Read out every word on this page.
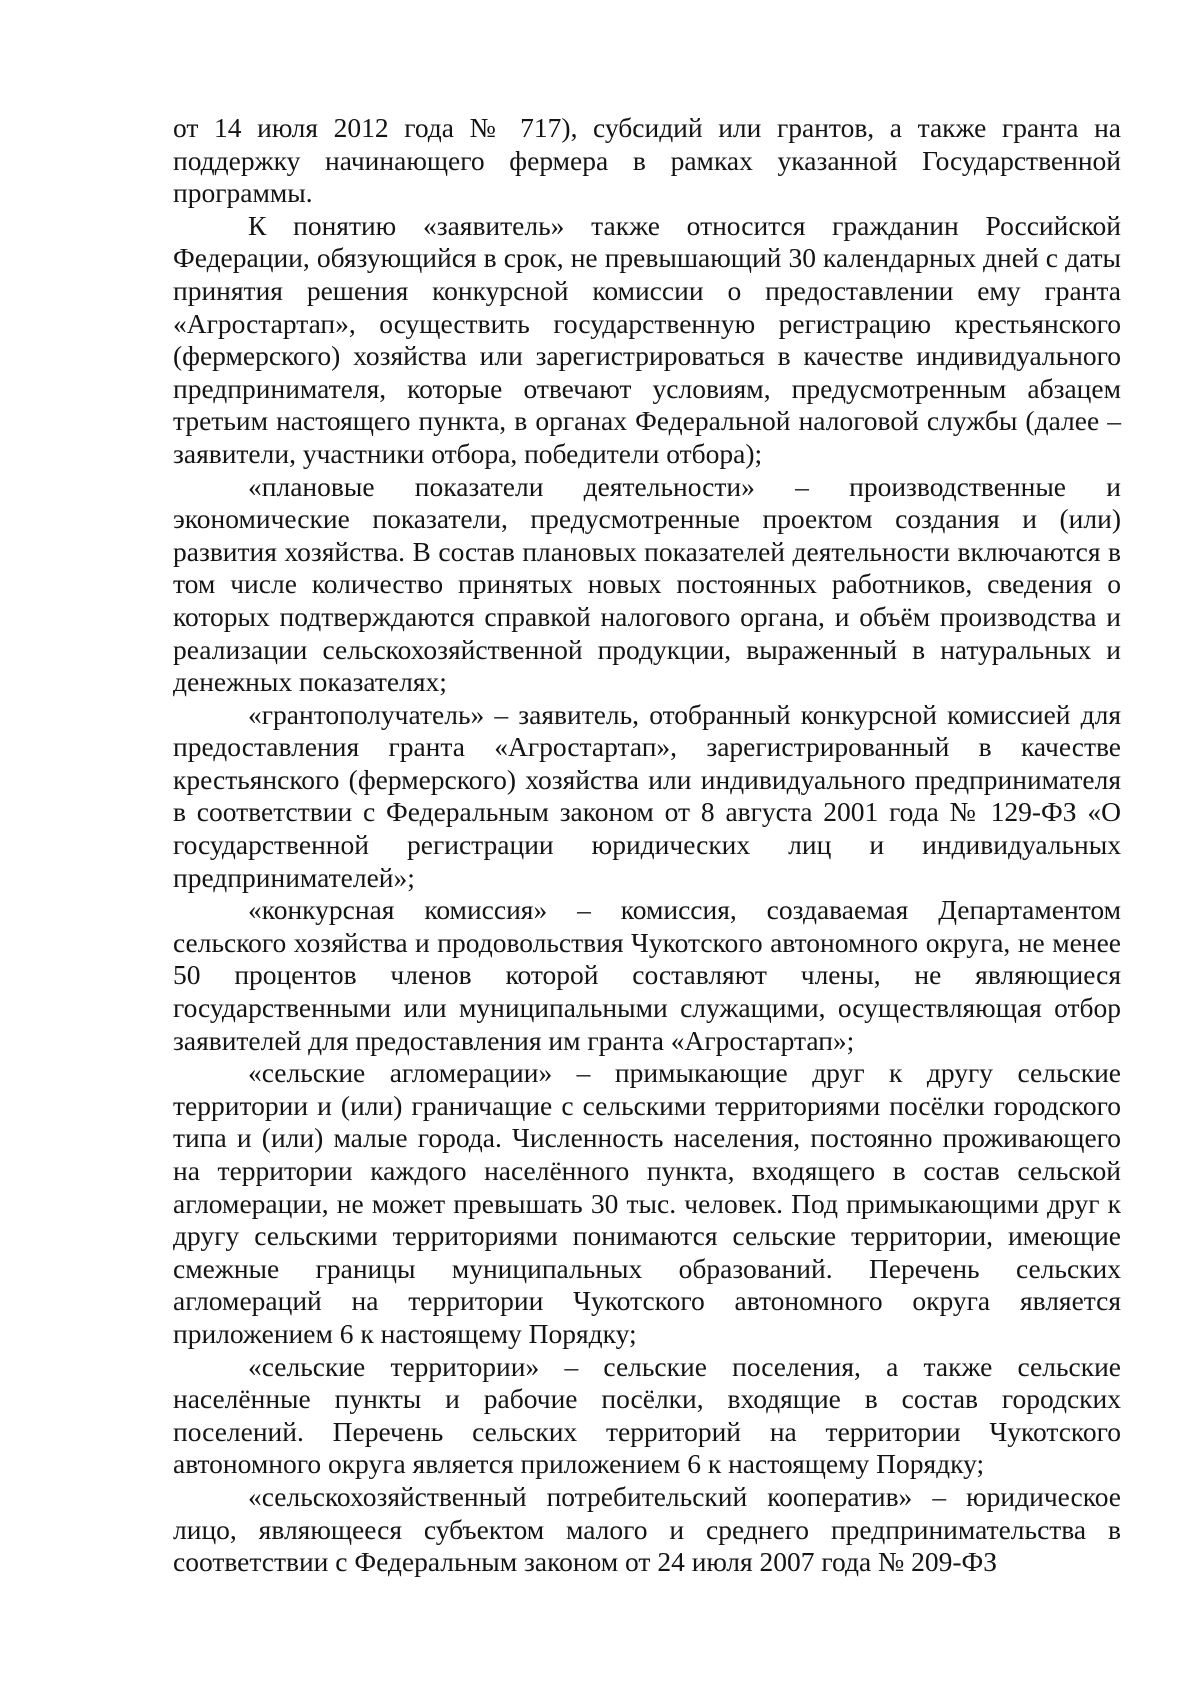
от 14 июля 2012 года № 717), субсидий или грантов, а также гранта на поддержку начинающего фермера в рамках указанной Государственной программы.

К понятию «заявитель» также относится гражданин Российской Федерации, обязующийся в срок, не превышающий 30 календарных дней с даты принятия решения конкурсной комиссии о предоставлении ему гранта «Агростартап», осуществить государственную регистрацию крестьянского (фермерского) хозяйства или зарегистрироваться в качестве индивидуального предпринимателя, которые отвечают условиям, предусмотренным абзацем третьим настоящего пункта, в органах Федеральной налоговой службы (далее – заявители, участники отбора, победители отбора);

«плановые показатели деятельности» – производственные и экономические показатели, предусмотренные проектом создания и (или) развития хозяйства. В состав плановых показателей деятельности включаются в том числе количество принятых новых постоянных работников, сведения о которых подтверждаются справкой налогового органа, и объём производства и реализации сельскохозяйственной продукции, выраженный в натуральных и денежных показателях;

«грантополучатель» – заявитель, отобранный конкурсной комиссией для предоставления гранта «Агростартап», зарегистрированный в качестве крестьянского (фермерского) хозяйства или индивидуального предпринимателя в соответствии с Федеральным законом от 8 августа 2001 года № 129-ФЗ «О государственной регистрации юридических лиц и индивидуальных предпринимателей»;

«конкурсная комиссия» – комиссия, создаваемая Департаментом сельского хозяйства и продовольствия Чукотского автономного округа, не менее 50 процентов членов которой составляют члены, не являющиеся государственными или муниципальными служащими, осуществляющая отбор заявителей для предоставления им гранта «Агростартап»;

«сельские агломерации» – примыкающие друг к другу сельские территории и (или) граничащие с сельскими территориями посёлки городского типа и (или) малые города. Численность населения, постоянно проживающего на территории каждого населённого пункта, входящего в состав сельской агломерации, не может превышать 30 тыс. человек. Под примыкающими друг к другу сельскими территориями понимаются сельские территории, имеющие смежные границы муниципальных образований. Перечень сельских агломераций на территории Чукотского автономного округа является приложением 6 к настоящему Порядку;

«сельские территории» – сельские поселения, а также сельские населённые пункты и рабочие посёлки, входящие в состав городских поселений. Перечень сельских территорий на территории Чукотского автономного округа является приложением 6 к настоящему Порядку;

«сельскохозяйственный потребительский кооператив» – юридическое лицо, являющееся субъектом малого и среднего предпринимательства в соответствии с Федеральным законом от 24 июля 2007 года № 209-ФЗ
